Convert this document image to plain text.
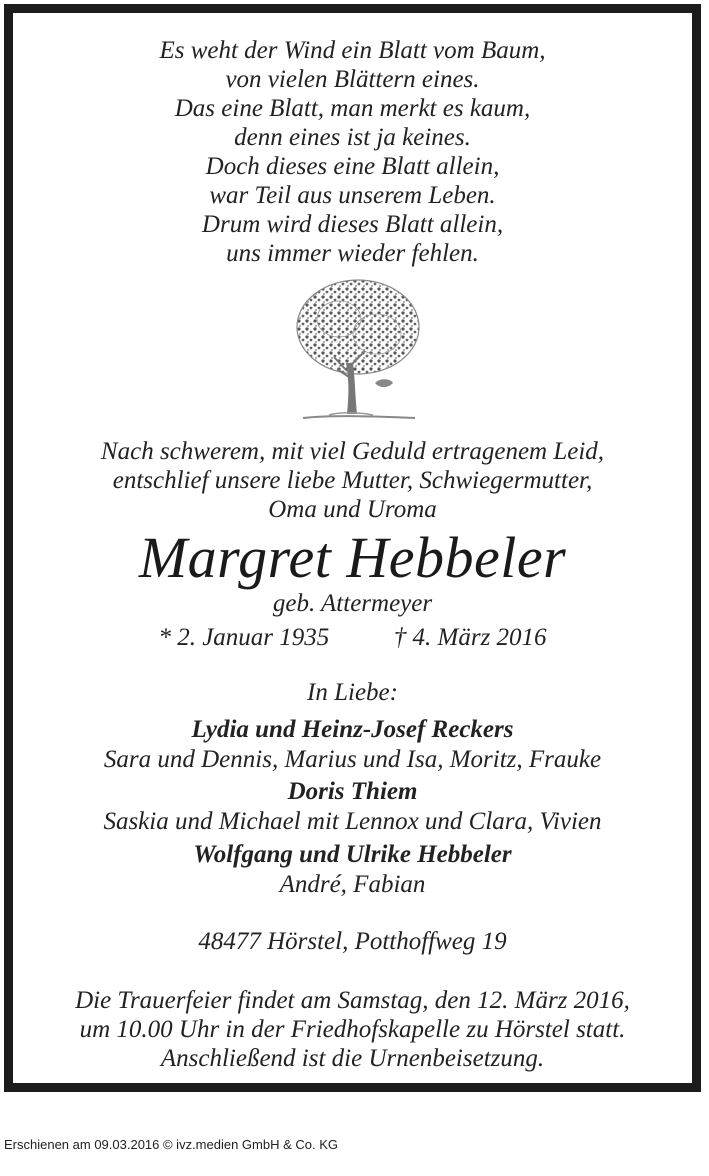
Es weht der Wind ein Blatt vom Baum,
von vielen Blättern eines.
Das eine Blatt, man merkt es kaum,
denn eines ist ja keines.
Doch dieses eine Blatt allein,
war Teil aus unserem Leben.
Drum wird dieses Blatt allein,
uns immer wieder fehlen.
Nach schwerem, mit viel Geduld ertragenem Leid,
entschlief unsere liebe Mutter, Schwiegermutter,
Oma und Uroma
Margret Hebbeler
geb. Attermeyer
* 2. Januar 1935	† 4. März 2016
In Liebe:
Lydia und Heinz-Josef Reckers
Sara und Dennis, Marius und Isa, Moritz, Frauke
Doris Thiem
Saskia und Michael mit Lennox und Clara, Vivien
Wolfgang und Ulrike Hebbeler
André, Fabian
48477 Hörstel, Potthoffweg 19
Die Trauerfeier findet am Samstag, den 12. März 2016,
um 10.00 Uhr in der Friedhofskapelle zu Hörstel statt.
Anschließend ist die Urnenbeisetzung.
Erschienen am 09.03.2016 © ivz.medien GmbH & Co. KG
